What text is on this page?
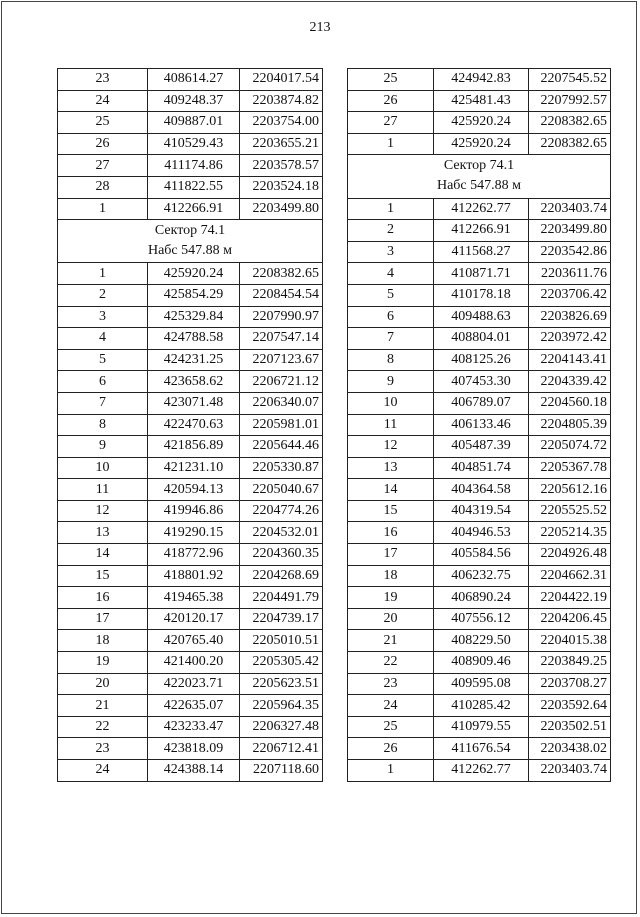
213
23	408614.27	2204017.54
24	409248.37	2203874.82
25	409887.01	2203754.00
26	410529.43	2203655.21
27	411174.86	2203578.57
28	411822.55	2203524.18
1	412266.91	2203499.80

Сектор 74.1
Набс 547.88 м		

1	425920.24	2208382.65
2	425854.29	2208454.54
3	425329.84	2207990.97
4	424788.58	2207547.14
5	424231.25	2207123.67
6	423658.62	2206721.12
7	423071.48	2206340.07
8	422470.63	2205981.01
9	421856.89	2205644.46
10	421231.10	2205330.87
11	420594.13	2205040.67
12	419946.86	2204774.26
13	419290.15	2204532.01
14	418772.96	2204360.35
15	418801.92	2204268.69
16	419465.38	2204491.79
17	420120.17	2204739.17
18	420765.40	2205010.51
19	421400.20	2205305.42
20	422023.71	2205623.51
21	422635.07	2205964.35
22	423233.47	2206327.48
23	423818.09	2206712.41
24	424388.14	2207118.60
25	424942.83	2207545.52
26	425481.43	2207992.57
27	425920.24	2208382.65
1	425920.24	2208382.65

Сектор 74.1
Набс 547.88 м		

1	412262.77	2203403.74
2	412266.91	2203499.80
3	411568.27	2203542.86
4	410871.71	2203611.76
5	410178.18	2203706.42
6	409488.63	2203826.69
7	408804.01	2203972.42
8	408125.26	2204143.41
9	407453.30	2204339.42
10	406789.07	2204560.18
11	406133.46	2204805.39
12	405487.39	2205074.72
13	404851.74	2205367.78
14	404364.58	2205612.16
15	404319.54	2205525.52
16	404946.53	2205214.35
17	405584.56	2204926.48
18	406232.75	2204662.31
19	406890.24	2204422.19
20	407556.12	2204206.45
21	408229.50	2204015.38
22	408909.46	2203849.25
23	409595.08	2203708.27
24	410285.42	2203592.64
25	410979.55	2203502.51
26	411676.54	2203438.02
1	412262.77	2203403.74
